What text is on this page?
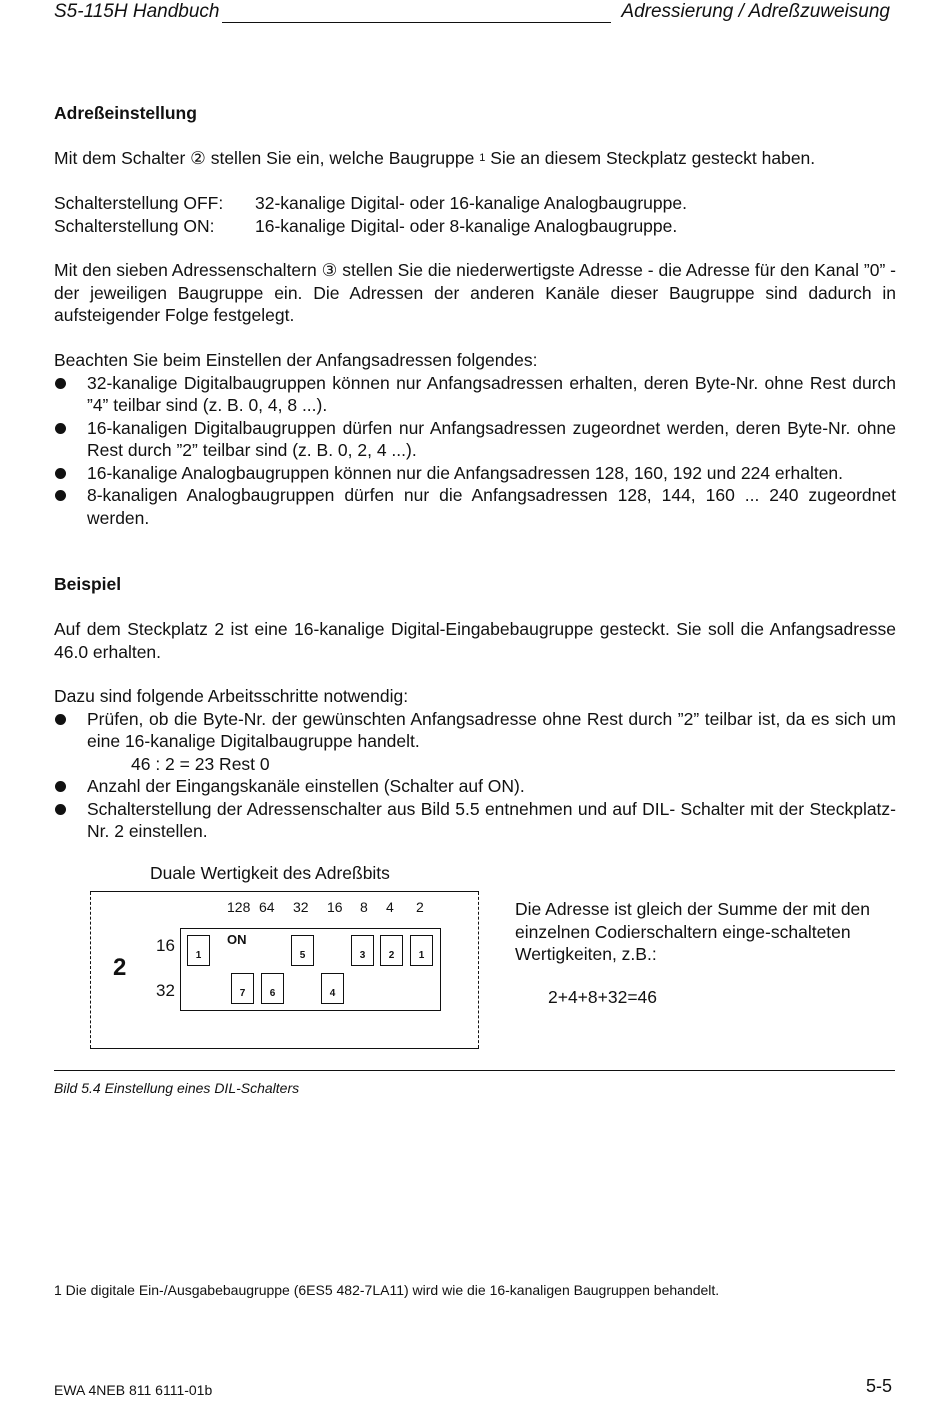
S5-115H Handbuch	Adressierung / Adreßzuweisung
Adreßeinstellung
Mit dem Schalter ② stellen Sie ein, welche Baugruppe $^1$ Sie an diesem Steckplatz gesteckt haben.
Schalterstellung OFF:	32-kanalige Digital- oder 16-kanalige Analogbaugruppe.
Schalterstellung ON:	16-kanalige Digital- oder 8-kanalige Analogbaugruppe.
Mit den sieben Adressenschaltern ③ stellen Sie die niederwertigste Adresse - die Adresse für den Kanal ”0” - der jeweiligen Baugruppe ein. Die Adressen der anderen Kanäle dieser Baugruppe sind dadurch in aufsteigender Folge festgelegt.
Beachten Sie beim Einstellen der Anfangsadressen folgendes:
32-kanalige Digitalbaugruppen können nur Anfangsadressen erhalten, deren Byte-Nr. ohne Rest durch ”4” teilbar sind (z. B. 0, 4, 8 ...).
16-kanaligen Digitalbaugruppen dürfen nur Anfangsadressen zugeordnet werden, deren Byte-Nr. ohne Rest durch ”2” teilbar sind (z. B. 0, 2, 4 ...).
16-kanalige Analogbaugruppen können nur die Anfangsadressen 128, 160, 192 und 224 erhalten.
8-kanaligen Analogbaugruppen dürfen nur die Anfangsadressen 128, 144, 160 ... 240 zugeordnet werden.
Beispiel
Auf dem Steckplatz 2 ist eine 16-kanalige Digital-Eingabebaugruppe gesteckt. Sie soll die Anfangsadresse 46.0 erhalten.
Dazu sind folgende Arbeitsschritte notwendig:
Prüfen, ob die Byte-Nr. der gewünschten Anfangsadresse ohne Rest durch ”2” teilbar ist, da es sich um eine 16-kanalige Digitalbaugruppe handelt.
46 : 2 = 23 Rest 0
Anzahl der Eingangskanäle einstellen (Schalter auf ON).
Schalterstellung der Adressenschalter aus Bild 5.5 entnehmen und auf DIL- Schalter mit der Steckplatz-Nr. 2 einstellen.
Duale Wertigkeit des Adreßbits
2
16
32
128 64 32 16 8 4 2
ON
1	5	3	2	1
7	6	4
Die Adresse ist gleich der Summe der mit den einzelnen Codierschaltern einge-schalteten Wertigkeiten, z.B.:
2+4+8+32=46
Bild 5.4 Einstellung eines DIL-Schalters
1 Die digitale Ein-/Ausgabebaugruppe (6ES5 482-7LA11) wird wie die 16-kanaligen Baugruppen behandelt.
EWA 4NEB 811 6111-01b	5-5
